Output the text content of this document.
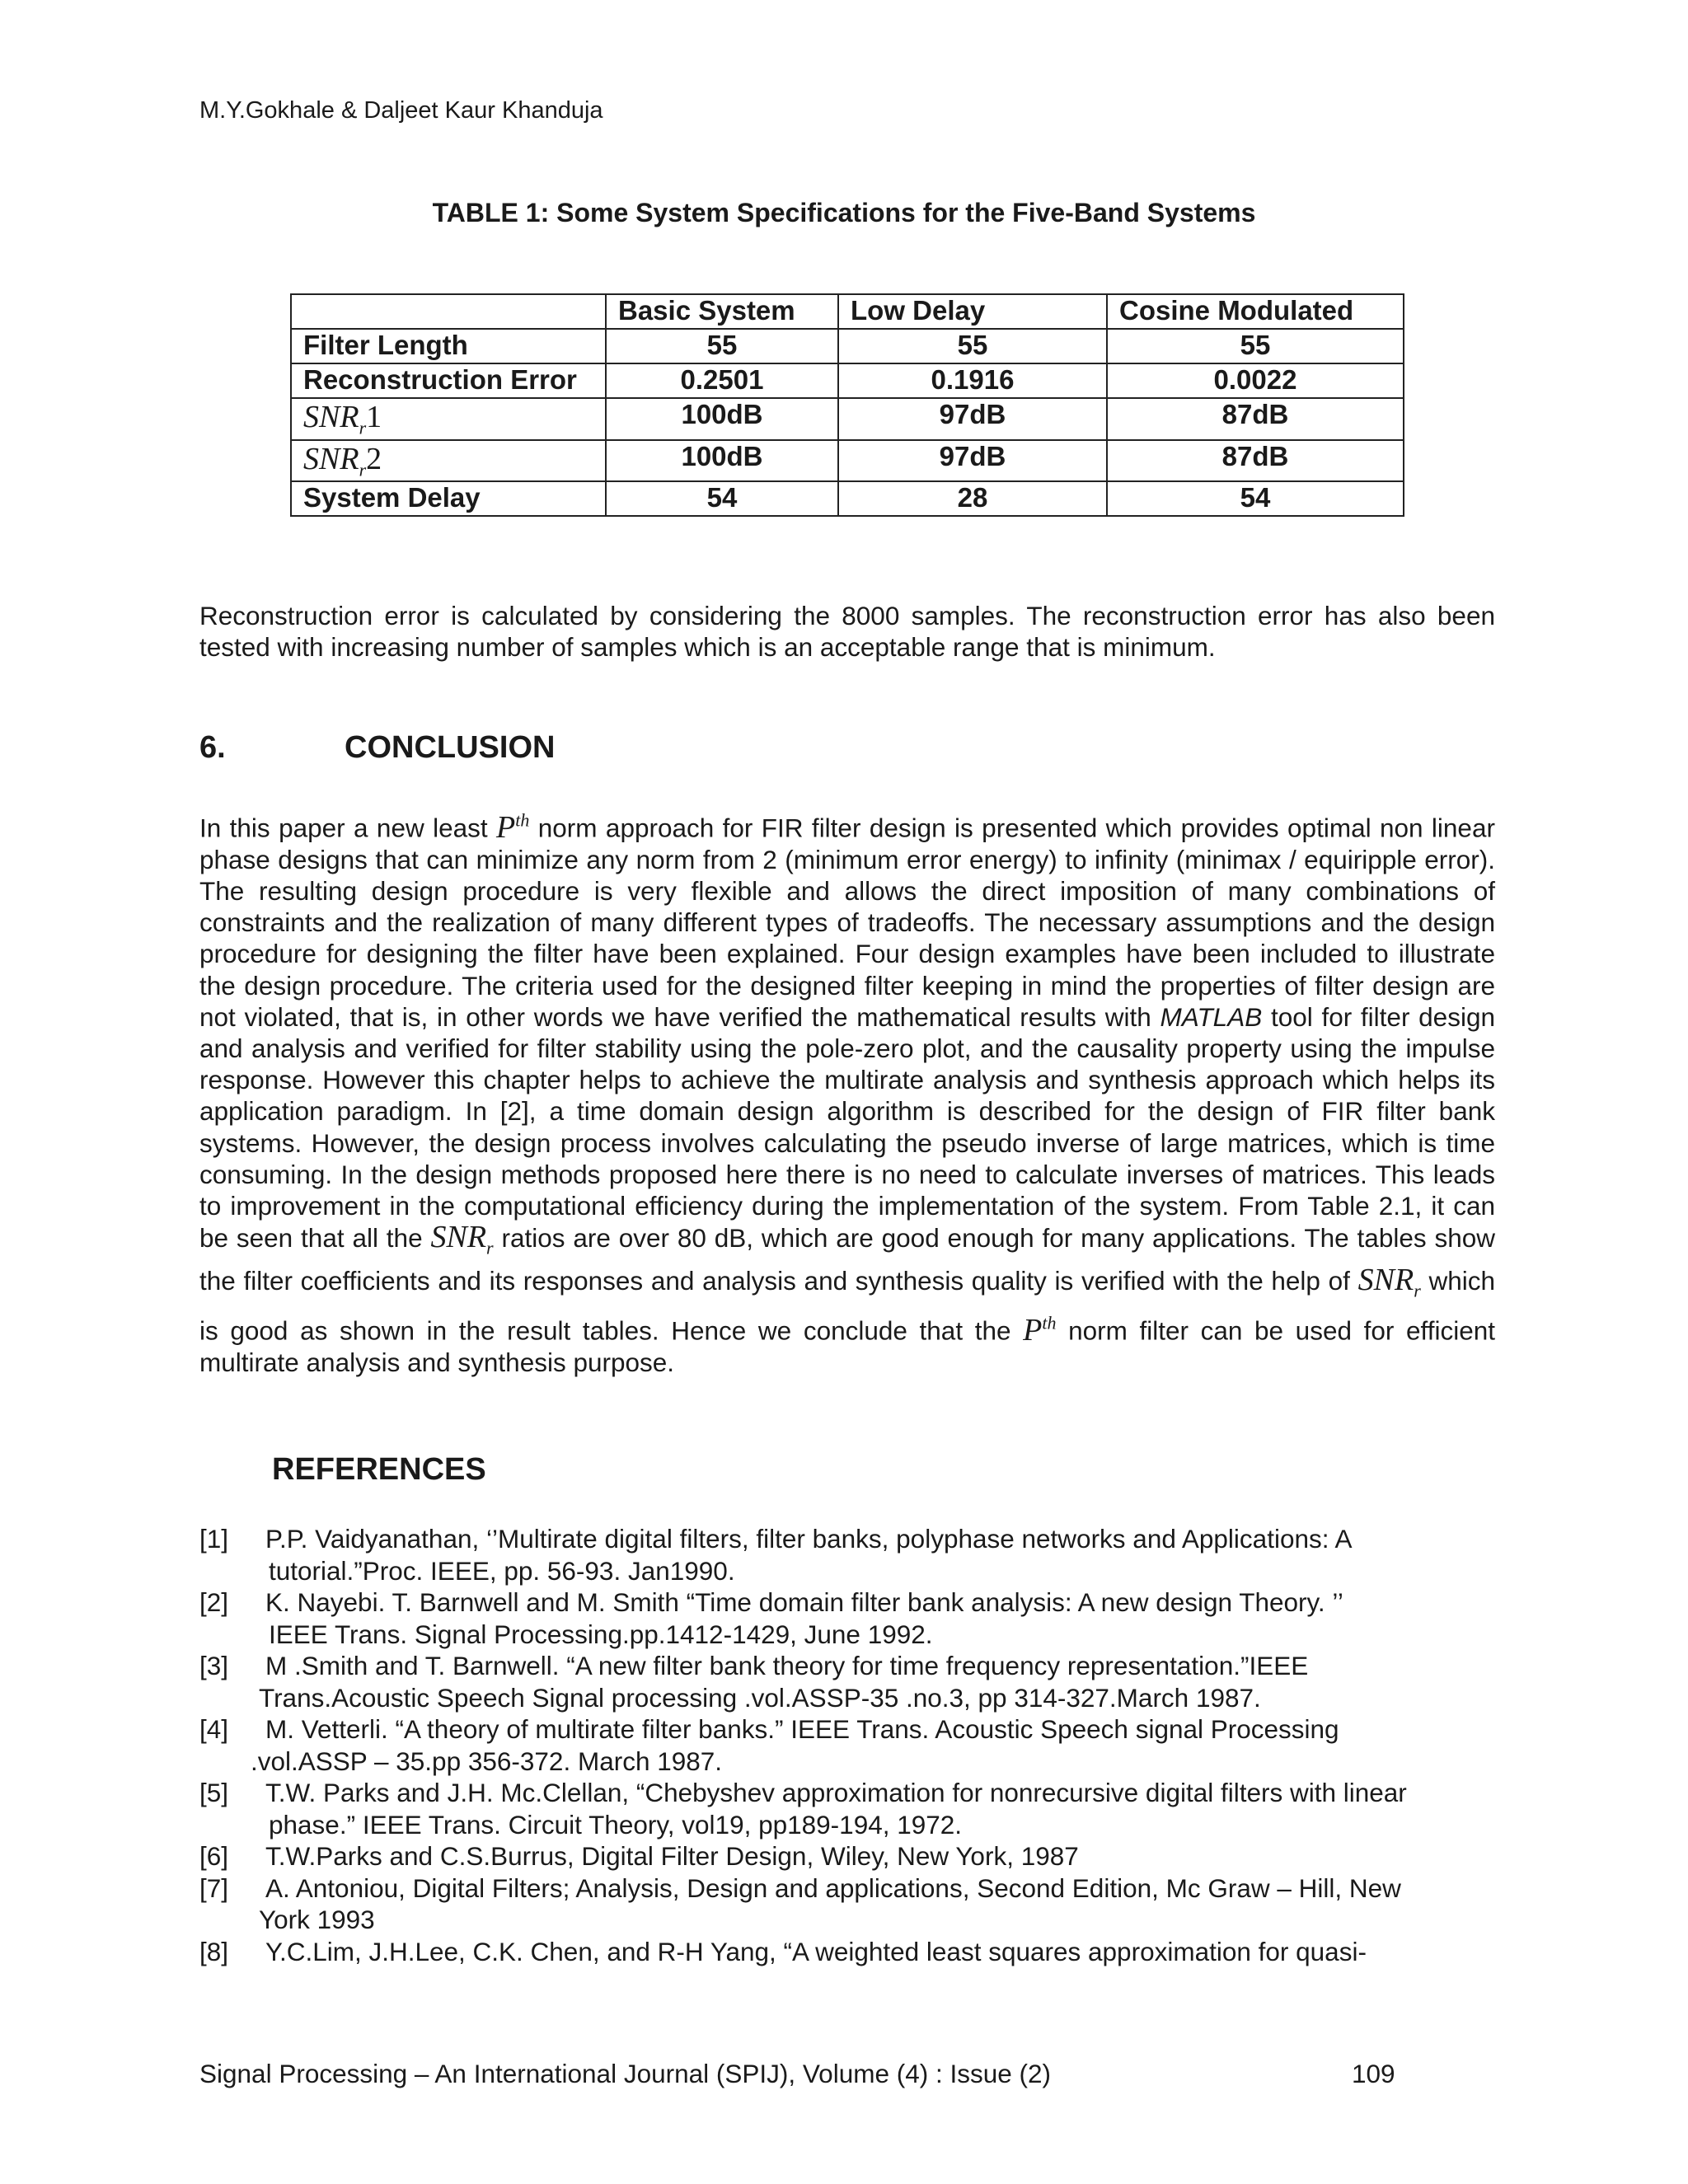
M.Y.Gokhale & Daljeet Kaur Khanduja
TABLE 1: Some System Specifications for the Five-Band Systems
	Basic System	Low Delay	Cosine Modulated
Filter Length	55	55	55
Reconstruction Error	0.2501	0.1916	0.0022
$SNR_r1$	100dB	97dB	87dB
$SNR_r2$	100dB	97dB	87dB
System Delay	54	28	54

Reconstruction error is calculated by considering the 8000 samples. The reconstruction error has also been tested with increasing number of samples which is an acceptable range that is minimum.

6.	CONCLUSION

In this paper a new least $P^{th}$ norm approach for FIR filter design is presented which provides optimal non linear phase designs that can minimize any norm from 2 (minimum error energy) to infinity (minimax / equiripple error). The resulting design procedure is very flexible and allows the direct imposition of many combinations of constraints and the realization of many different types of tradeoffs. The necessary assumptions and the design procedure for designing the filter have been explained. Four design examples have been included to illustrate the design procedure. The criteria used for the designed filter keeping in mind the properties of filter design are not violated, that is, in other words we have verified the mathematical results with MATLAB tool for filter design and analysis and verified for filter stability using the pole-zero plot, and the causality property using the impulse response. However this chapter helps to achieve the multirate analysis and synthesis approach which helps its application paradigm. In [2], a time domain design algorithm is described for the design of FIR filter bank systems. However, the design process involves calculating the pseudo inverse of large matrices, which is time consuming. In the design methods proposed here there is no need to calculate inverses of matrices. This leads to improvement in the computational efficiency during the implementation of the system. From Table 2.1, it can be seen that all the $SNR_r$ ratios are over 80 dB, which are good enough for many applications. The tables show the filter coefficients and its responses and analysis and synthesis quality is verified with the help of $SNR_r$ which is good as shown in the result tables. Hence we conclude that the $P^{th}$ norm filter can be used for efficient multirate analysis and synthesis purpose.

REFERENCES
[1] P.P. Vaidyanathan, ‘’Multirate digital filters, filter banks, polyphase networks and Applications: A
tutorial.”Proc. IEEE, pp. 56-93. Jan1990.
[2] K. Nayebi. T. Barnwell and M. Smith “Time domain filter bank analysis: A new design Theory. ’’
IEEE Trans. Signal Processing.pp.1412-1429, June 1992.
[3] M .Smith and T. Barnwell. “A new filter bank theory for time frequency representation.”IEEE
Trans.Acoustic Speech Signal processing .vol.ASSP-35 .no.3, pp 314-327.March 1987.
[4] M. Vetterli. “A theory of multirate filter banks.” IEEE Trans. Acoustic Speech signal Processing
.vol.ASSP – 35.pp 356-372. March 1987.
[5] T.W. Parks and J.H. Mc.Clellan, “Chebyshev approximation for nonrecursive digital filters with linear
phase.” IEEE Trans. Circuit Theory, vol19, pp189-194, 1972.
[6] T.W.Parks and C.S.Burrus, Digital Filter Design, Wiley, New York, 1987
[7] A. Antoniou, Digital Filters; Analysis, Design and applications, Second Edition, Mc Graw – Hill, New
York 1993
[8] Y.C.Lim, J.H.Lee, C.K. Chen, and R-H Yang, “A weighted least squares approximation for quasi-
Signal Processing – An International Journal (SPIJ), Volume (4) : Issue (2)	109
